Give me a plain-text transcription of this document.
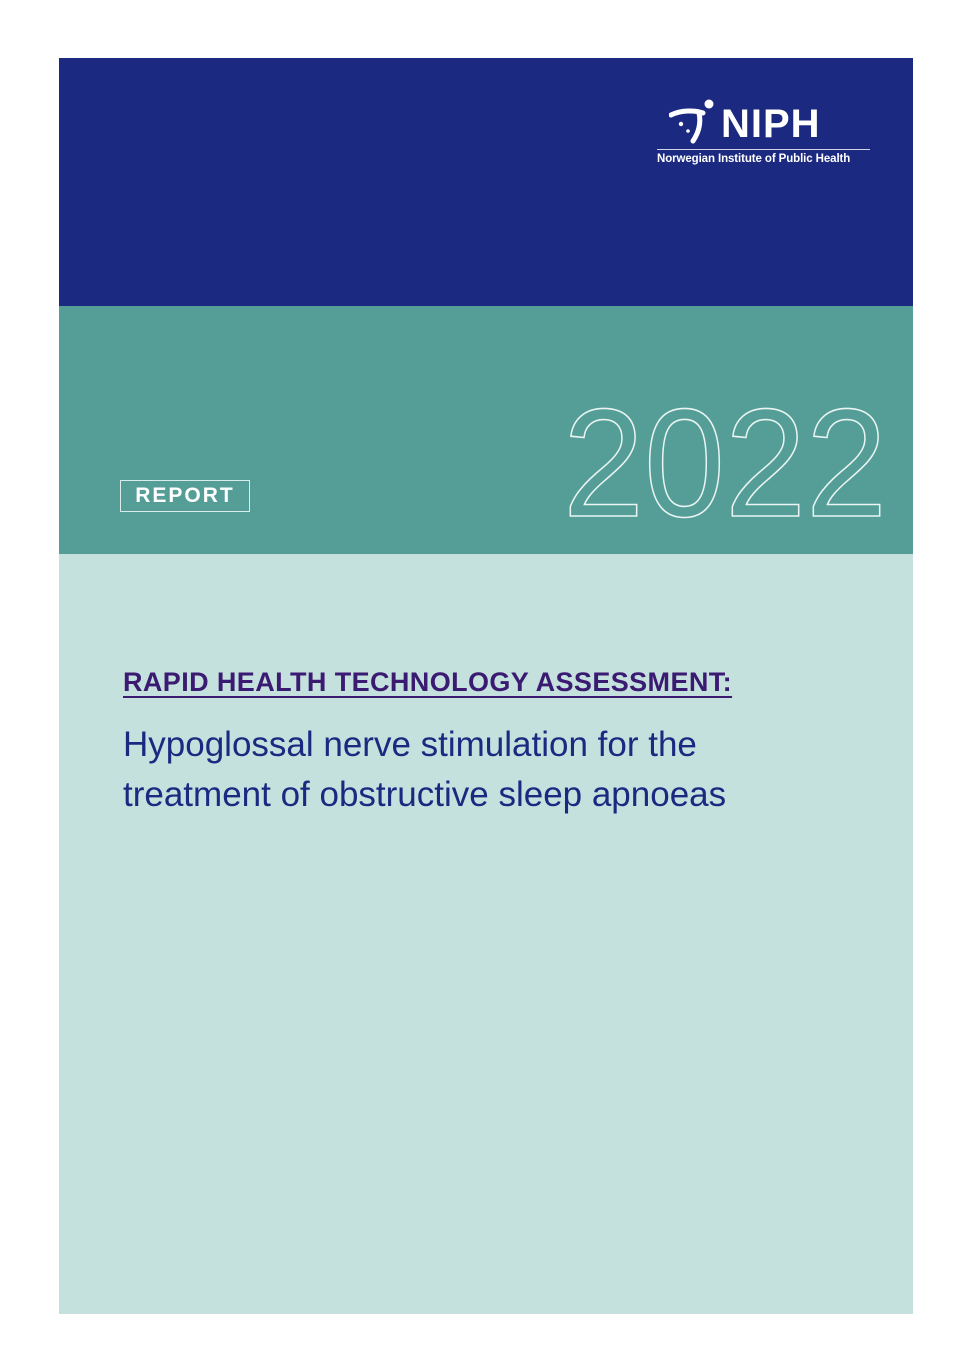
NIPH
Norwegian Institute of Public Health
REPORT 2022
RAPID HEALTH TECHNOLOGY ASSESSMENT:
Hypoglossal nerve stimulation for the
treatment of obstructive sleep apnoeas
